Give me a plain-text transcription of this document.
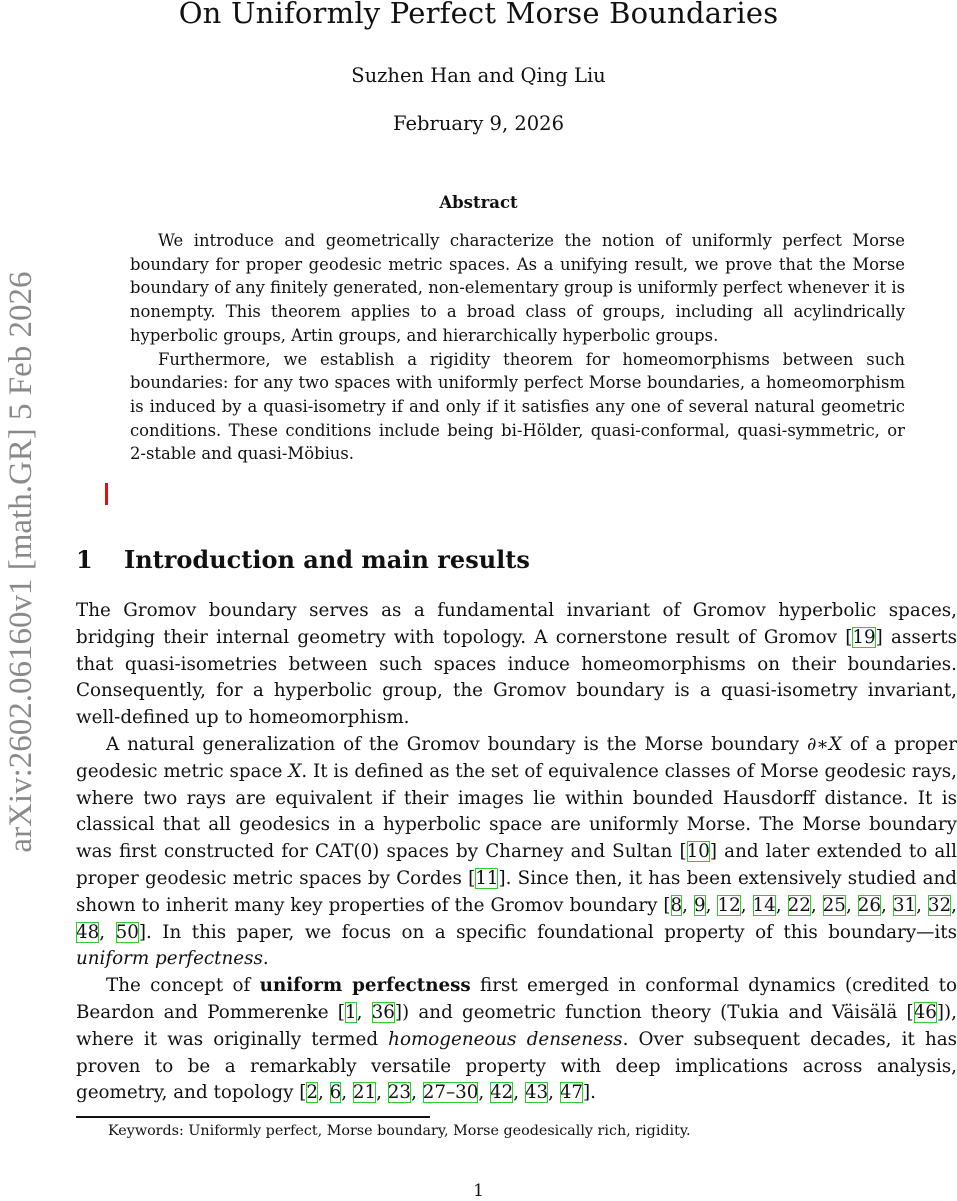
arXiv:2602.06160v1 [math.GR] 5 Feb 2026
On Uniformly Perfect Morse Boundaries
Suzhen Han and Qing Liu
February 9, 2026
Abstract

We introduce and geometrically characterize the notion of uniformly perfect Morse boundary for proper geodesic metric spaces. As a unifying result, we prove that the Morse boundary of any finitely generated, non-elementary group is uniformly perfect whenever it is nonempty. This theorem applies to a broad class of groups, including all acylindrically hyperbolic groups, Artin groups, and hierarchically hyperbolic groups.

Furthermore, we establish a rigidity theorem for homeomorphisms between such boundaries: for any two spaces with uniformly perfect Morse boundaries, a homeomorphism is induced by a quasi-isometry if and only if it satisfies any one of several natural geometric conditions. These conditions include being bi-Hölder, quasi-conformal, quasi-symmetric, or 2-stable and quasi-Möbius.

1 Introduction and main results

The Gromov boundary serves as a fundamental invariant of Gromov hyperbolic spaces, bridging their internal geometry with topology. A cornerstone result of Gromov [19] asserts that quasi-isometries between such spaces induce homeomorphisms on their boundaries. Consequently, for a hyperbolic group, the Gromov boundary is a quasi-isometry invariant, well-defined up to homeomorphism.

A natural generalization of the Gromov boundary is the Morse boundary ∂∗X of a proper geodesic metric space X. It is defined as the set of equivalence classes of Morse geodesic rays, where two rays are equivalent if their images lie within bounded Hausdorff distance. It is classical that all geodesics in a hyperbolic space are uniformly Morse. The Morse boundary was first constructed for CAT(0) spaces by Charney and Sultan [10] and later extended to all proper geodesic metric spaces by Cordes [11]. Since then, it has been extensively studied and shown to inherit many key properties of the Gromov boundary [8, 9, 12, 14, 22, 25, 26, 31, 32, 48, 50]. In this paper, we focus on a specific foundational property of this boundary—its uniform perfectness.

The concept of uniform perfectness first emerged in conformal dynamics (credited to Beardon and Pommerenke [1, 36]) and geometric function theory (Tukia and Väisälä [46]), where it was originally termed homogeneous denseness. Over subsequent decades, it has proven to be a remarkably versatile property with deep implications across analysis, geometry, and topology [2, 6, 21, 23, 27–30, 42, 43, 47].

Keywords: Uniformly perfect, Morse boundary, Morse geodesically rich, rigidity.
1
